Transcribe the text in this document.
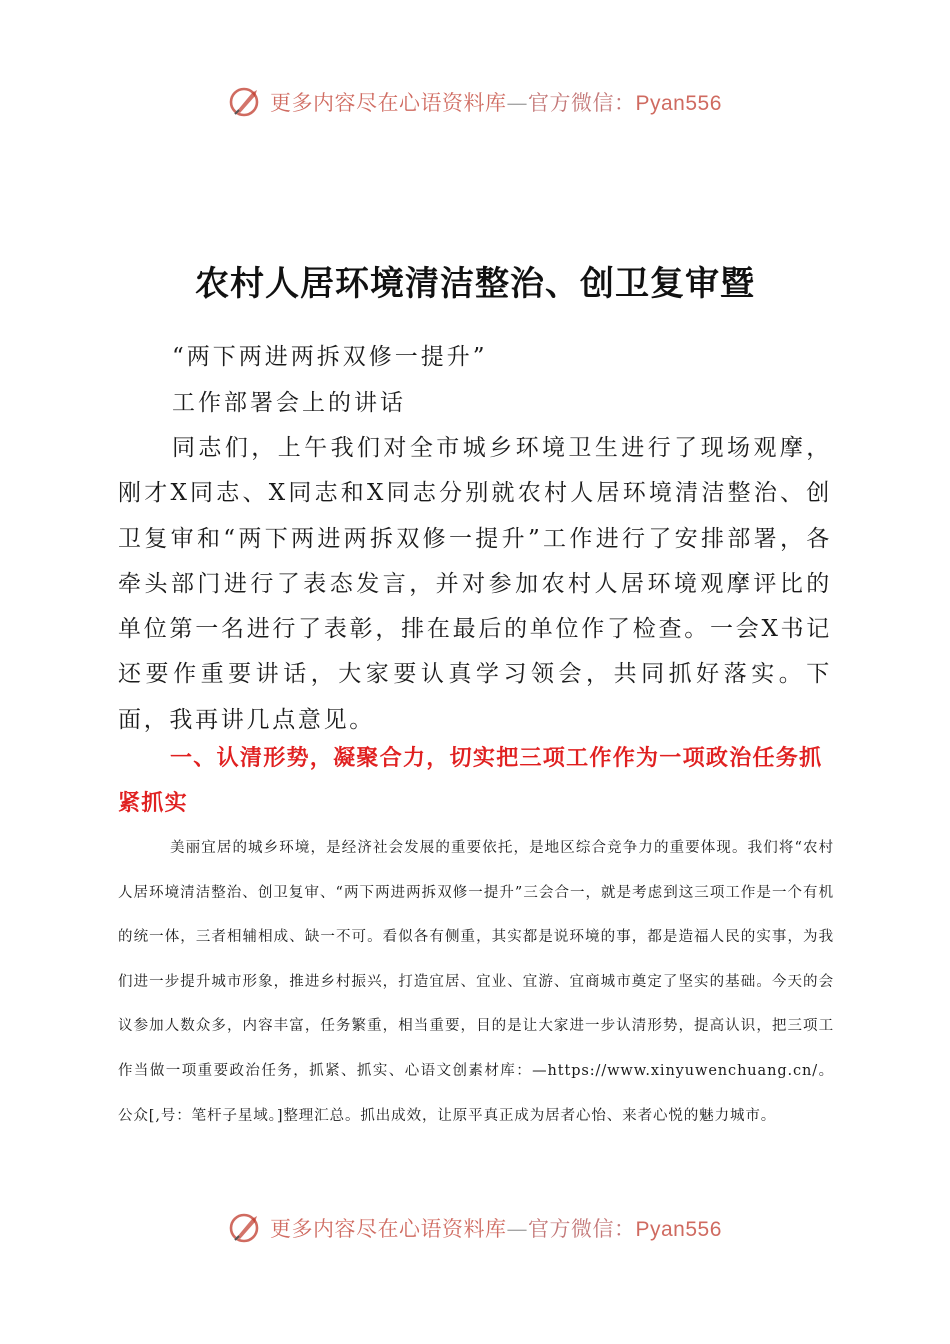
更多内容尽在心语资料库—官方微信：Pyan556
农村人居环境清洁整治、创卫复审暨
“两下两进两拆双修一提升”
工作部署会上的讲话

同志们，上午我们对全市城乡环境卫生进行了现场观摩，刚才X同志、X同志和X同志分别就农村人居环境清洁整治、创卫复审和“两下两进两拆双修一提升”工作进行了安排部署，各牵头部门进行了表态发言，并对参加农村人居环境观摩评比的单位第一名进行了表彰，排在最后的单位作了检查。一会X书记还要作重要讲话，大家要认真学习领会，共同抓好落实。下面，我再讲几点意见。

一、认清形势，凝聚合力，切实把三项工作作为一项政治任务抓紧抓实

美丽宜居的城乡环境，是经济社会发展的重要依托，是地区综合竞争力的重要体现。我们将“农村人居环境清洁整治、创卫复审、“两下两进两拆双修一提升”三会合一，就是考虑到这三项工作是一个有机的统一体，三者相辅相成、缺一不可。看似各有侧重，其实都是说环境的事，都是造福人民的实事，为我们进一步提升城市形象，推进乡村振兴，打造宜居、宜业、宜游、宜商城市奠定了坚实的基础。今天的会议参加人数众多，内容丰富，任务繁重，相当重要，目的是让大家进一步认清形势，提高认识，把三项工作当做一项重要政治任务，抓紧、抓实、心语文创素材库：—https://www.xinyuwenchuang.cn/。公众[,号：笔杆子星域。]整理汇总。抓出成效，让原平真正成为居者心怡、来者心悦的魅力城市。

更多内容尽在心语资料库—官方微信：Pyan556
